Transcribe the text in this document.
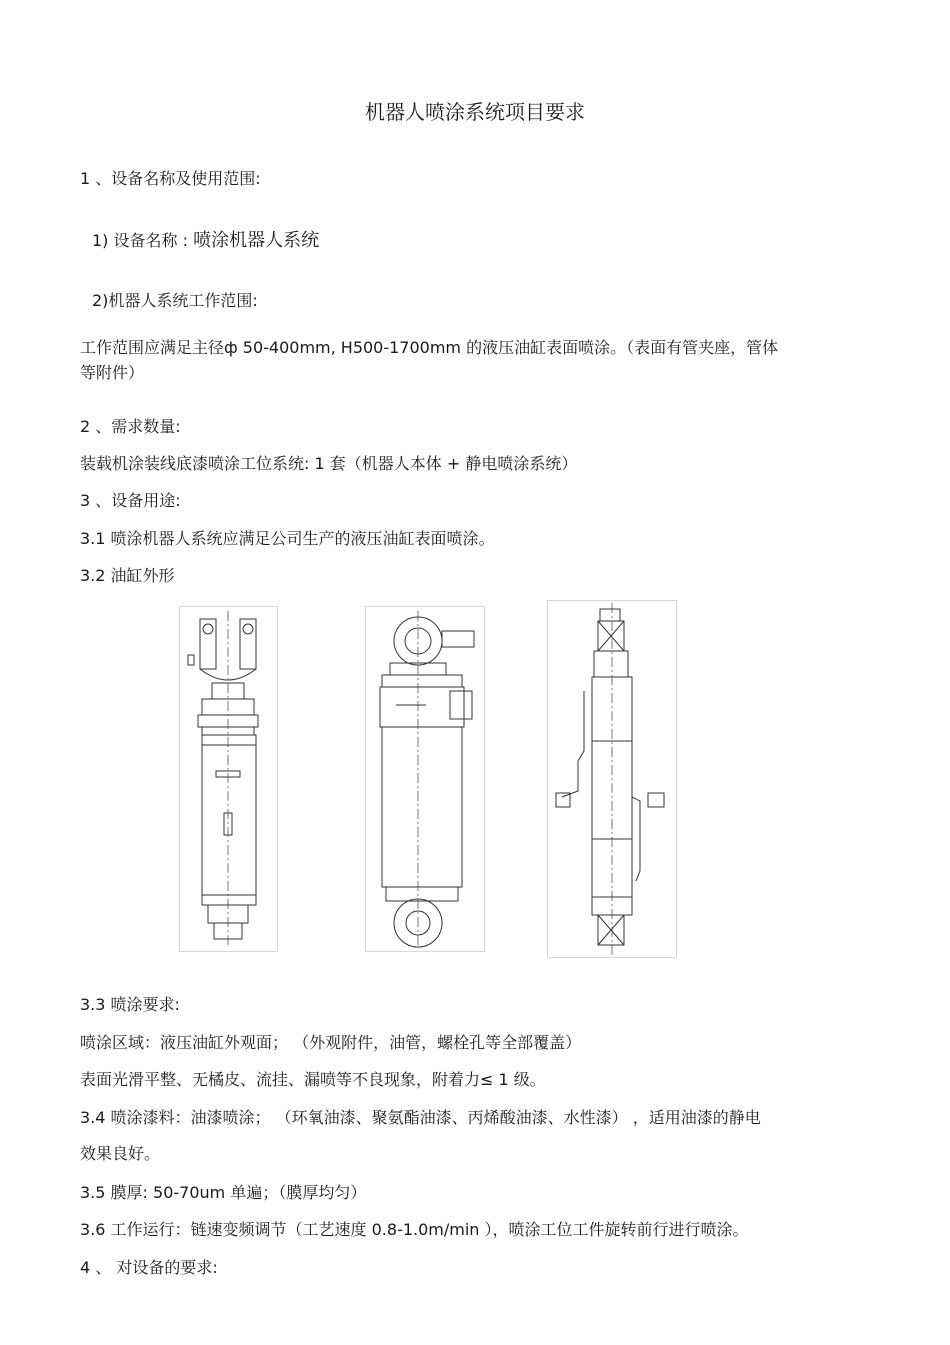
机器人喷涂系统项目要求
1 、设备名称及使用范围:
1) 设备名称 : 喷涂机器人系统
2)机器人系统工作范围:
工作范围应满足主径ф 50-400mm, H500-1700mm 的液压油缸表面喷涂。（表面有管夹座，管体
等附件）
2 、需求数量:
装载机涂装线底漆喷涂工位系统: 1 套（机器人本体 + 静电喷涂系统）
3 、设备用途:
3.1 喷涂机器人系统应满足公司生产的液压油缸表面喷涂。
3.2 油缸外形
3.3 喷涂要求:
喷涂区域：液压油缸外观面； （外观附件，油管，螺栓孔等全部覆盖）
表面光滑平整、无橘皮、流挂、漏喷等不良现象，附着力≤ 1 级。
3.4 喷涂漆料：油漆喷涂； （环氧油漆、聚氨酯油漆、丙烯酸油漆、水性漆） ，适用油漆的静电
效果良好。
3.5 膜厚: 50-70um 单遍；（膜厚均匀）
3.6 工作运行：链速变频调节（工艺速度 0.8-1.0m/min ），喷涂工位工件旋转前行进行喷涂。
4 、 对设备的要求:
